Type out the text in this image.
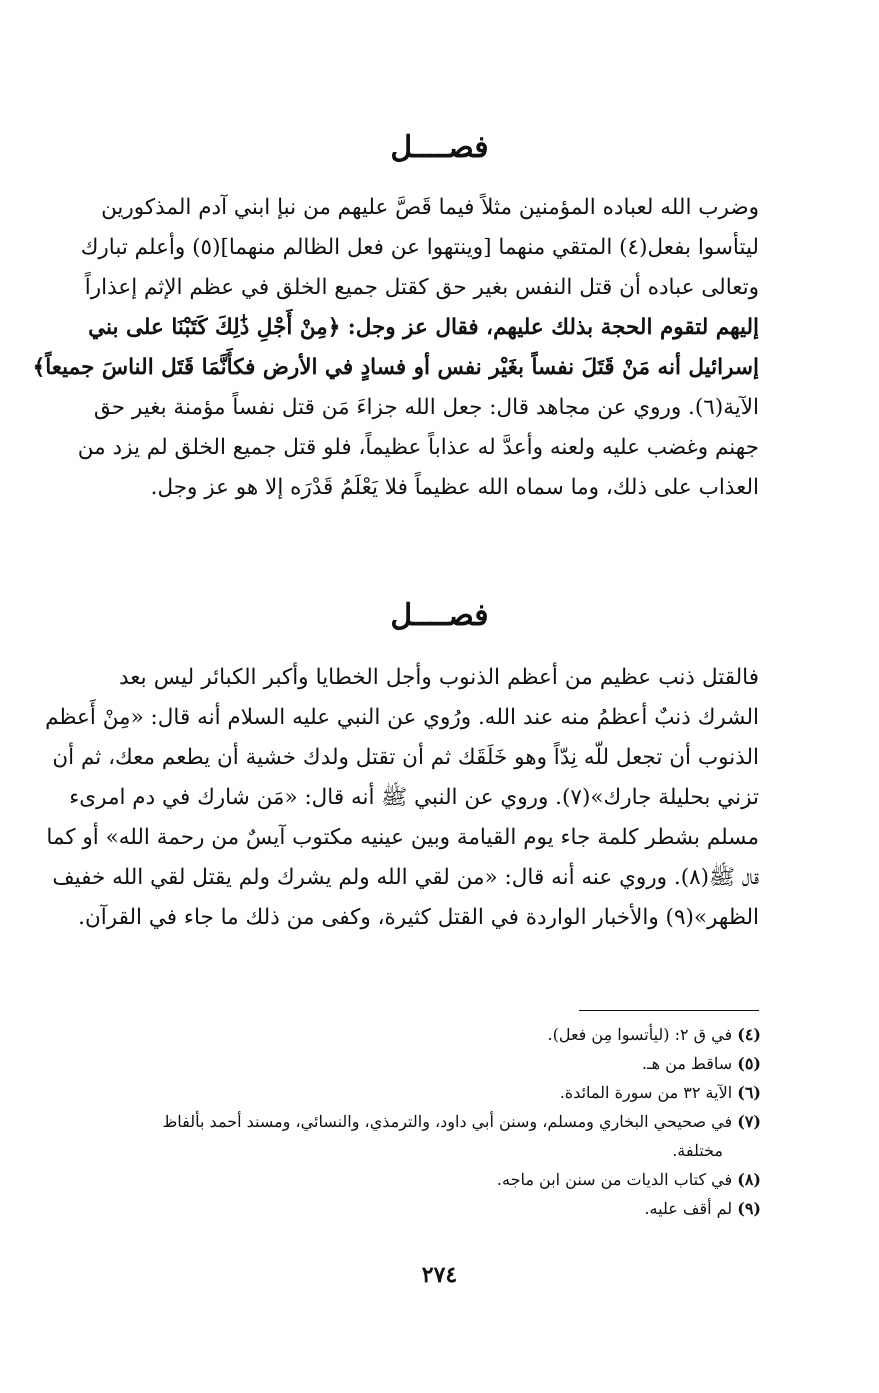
فصــــل
وضرب الله لعباده المؤمنين مثلاً فيما قَصَّ عليهم من نبإ ابني آدم المذكورين
ليتأسوا بفعل(٤) المتقي منهما [وينتهوا عن فعل الظالم منهما](٥) وأعلم تبارك
وتعالى عباده أن قتل النفس بغير حق كقتل جميع الخلق في عظم الإثم إعذاراً
إليهم لتقوم الحجة بذلك عليهم، فقال عز وجل: ﴿مِنْ أَجْلِ ذَٰلِكَ كَتَبْنَا على بني
إسرائيل أنه مَنْ قَتَلَ نفساً بغَيْر نفس أو فسادٍ في الأرض فكأَنَّمَا قَتَل الناسَ جميعاً﴾
الآية(٦). وروي عن مجاهد قال: جعل الله جزاءَ مَن قتل نفساً مؤمنة بغير حق
جهنم وغضب عليه ولعنه وأعدَّ له عذاباً عظيماً، فلو قتل جميع الخلق لم يزد من
العذاب على ذلك، وما سماه الله عظيماً فلا يَعْلَمُ قَدْرَه إلا هو عز وجل.
فصــــل
فالقتل ذنب عظيم من أعظم الذنوب وأجل الخطايا وأكبر الكبائر ليس بعد
الشرك ذنبٌ أعظمُ منه عند الله. ورُوي عن النبي عليه السلام أنه قال: «مِنْ أَعظم
الذنوب أن تجعل للّه نِدّاً وهو خَلَقَك ثم أن تقتل ولدك خشية أن يطعم معك، ثم أن
تزني بحليلة جارك»(٧). وروي عن النبي ﷺ أنه قال: «مَن شارك في دم امرىء
مسلم بشطر كلمة جاء يوم القيامة وبين عينيه مكتوب آيسٌ من رحمة الله» أو كما
قال ﷺ(٨). وروي عنه أنه قال: «من لقي الله ولم يشرك ولم يقتل لقي الله خفيف
الظهر»(٩) والأخبار الواردة في القتل كثيرة، وكفى من ذلك ما جاء في القرآن.
(٤) في ق ٢: (ليأتسوا مِن فعل).
(٥) ساقط من هـ.
(٦) الآية ٣٢ من سورة المائدة.
(٧) في صحيحي البخاري ومسلم، وسنن أبي داود، والترمذي، والنسائي، ومسند أحمد بألفاظ
مختلفة.
(٨) في كتاب الديات من سنن ابن ماجه.
(٩) لم أقف عليه.
٢٧٤
